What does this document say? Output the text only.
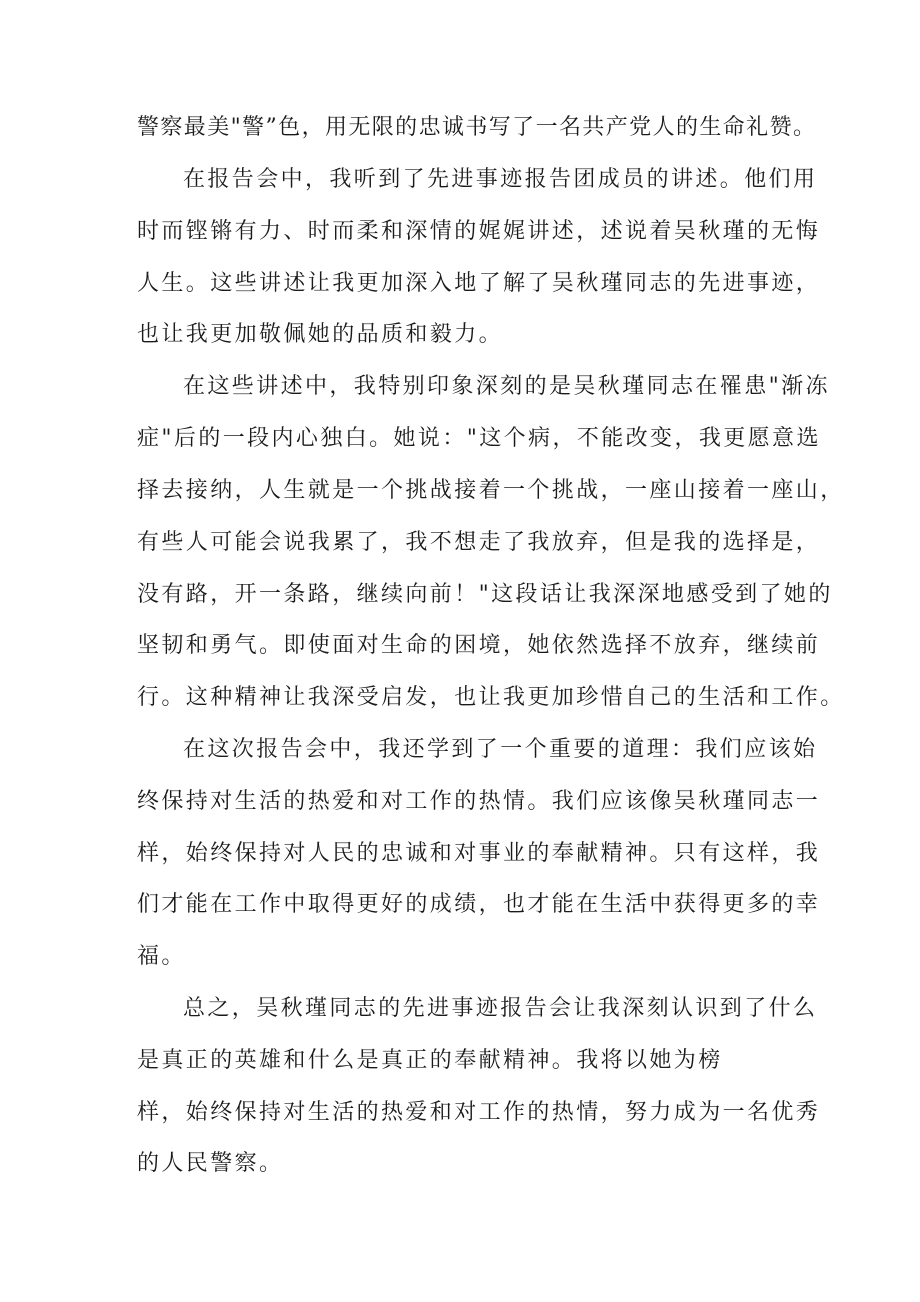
警察最美"警”色，用无限的忠诚书写了一名共产党人的生命礼赞。

在报告会中，我听到了先进事迹报告团成员的讲述。他们用

时而铿锵有力、时而柔和深情的娓娓讲述，述说着吴秋瑾的无悔

人生。这些讲述让我更加深入地了解了吴秋瑾同志的先进事迹，

也让我更加敬佩她的品质和毅力。

在这些讲述中，我特别印象深刻的是吴秋瑾同志在罹患"渐冻

症"后的一段内心独白。她说："这个病，不能改变，我更愿意选

择去接纳，人生就是一个挑战接着一个挑战，一座山接着一座山，

有些人可能会说我累了，我不想走了我放弃，但是我的选择是，

没有路，开一条路，继续向前！"这段话让我深深地感受到了她的

坚韧和勇气。即使面对生命的困境，她依然选择不放弃，继续前

行。这种精神让我深受启发，也让我更加珍惜自己的生活和工作。

在这次报告会中，我还学到了一个重要的道理：我们应该始

终保持对生活的热爱和对工作的热情。我们应该像吴秋瑾同志一

样，始终保持对人民的忠诚和对事业的奉献精神。只有这样，我

们才能在工作中取得更好的成绩，也才能在生活中获得更多的幸

福。

总之，吴秋瑾同志的先进事迹报告会让我深刻认识到了什么

是真正的英雄和什么是真正的奉献精神。我将以她为榜

样，始终保持对生活的热爱和对工作的热情，努力成为一名优秀

的人民警察。
